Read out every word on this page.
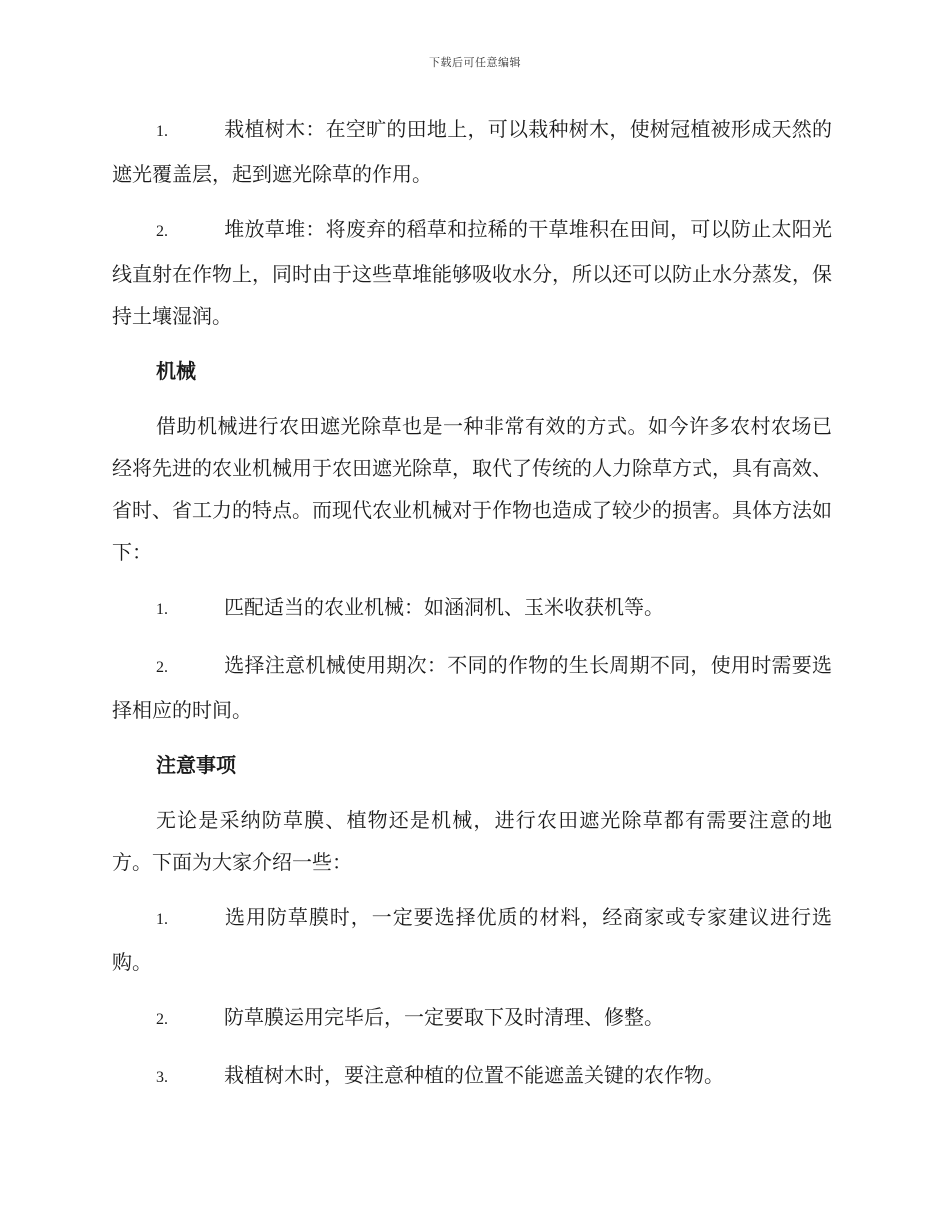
下载后可任意编辑
1.	栽植树木：在空旷的田地上，可以栽种树木，使树冠植被形成天然的遮光覆盖层，起到遮光除草的作用。
2.	堆放草堆：将废弃的稻草和拉稀的干草堆积在田间，可以防止太阳光线直射在作物上，同时由于这些草堆能够吸收水分，所以还可以防止水分蒸发，保持土壤湿润。
机械

借助机械进行农田遮光除草也是一种非常有效的方式。如今许多农村农场已经将先进的农业机械用于农田遮光除草，取代了传统的人力除草方式，具有高效、省时、省工力的特点。而现代农业机械对于作物也造成了较少的损害。具体方法如下：

1.	匹配适当的农业机械：如涵洞机、玉米收获机等。
2.	选择注意机械使用期次：不同的作物的生长周期不同，使用时需要选择相应的时间。
注意事项

无论是采纳防草膜、植物还是机械，进行农田遮光除草都有需要注意的地方。下面为大家介绍一些：

1.	选用防草膜时，一定要选择优质的材料，经商家或专家建议进行选购。
2.	防草膜运用完毕后，一定要取下及时清理、修整。
3.	栽植树木时，要注意种植的位置不能遮盖关键的农作物。
